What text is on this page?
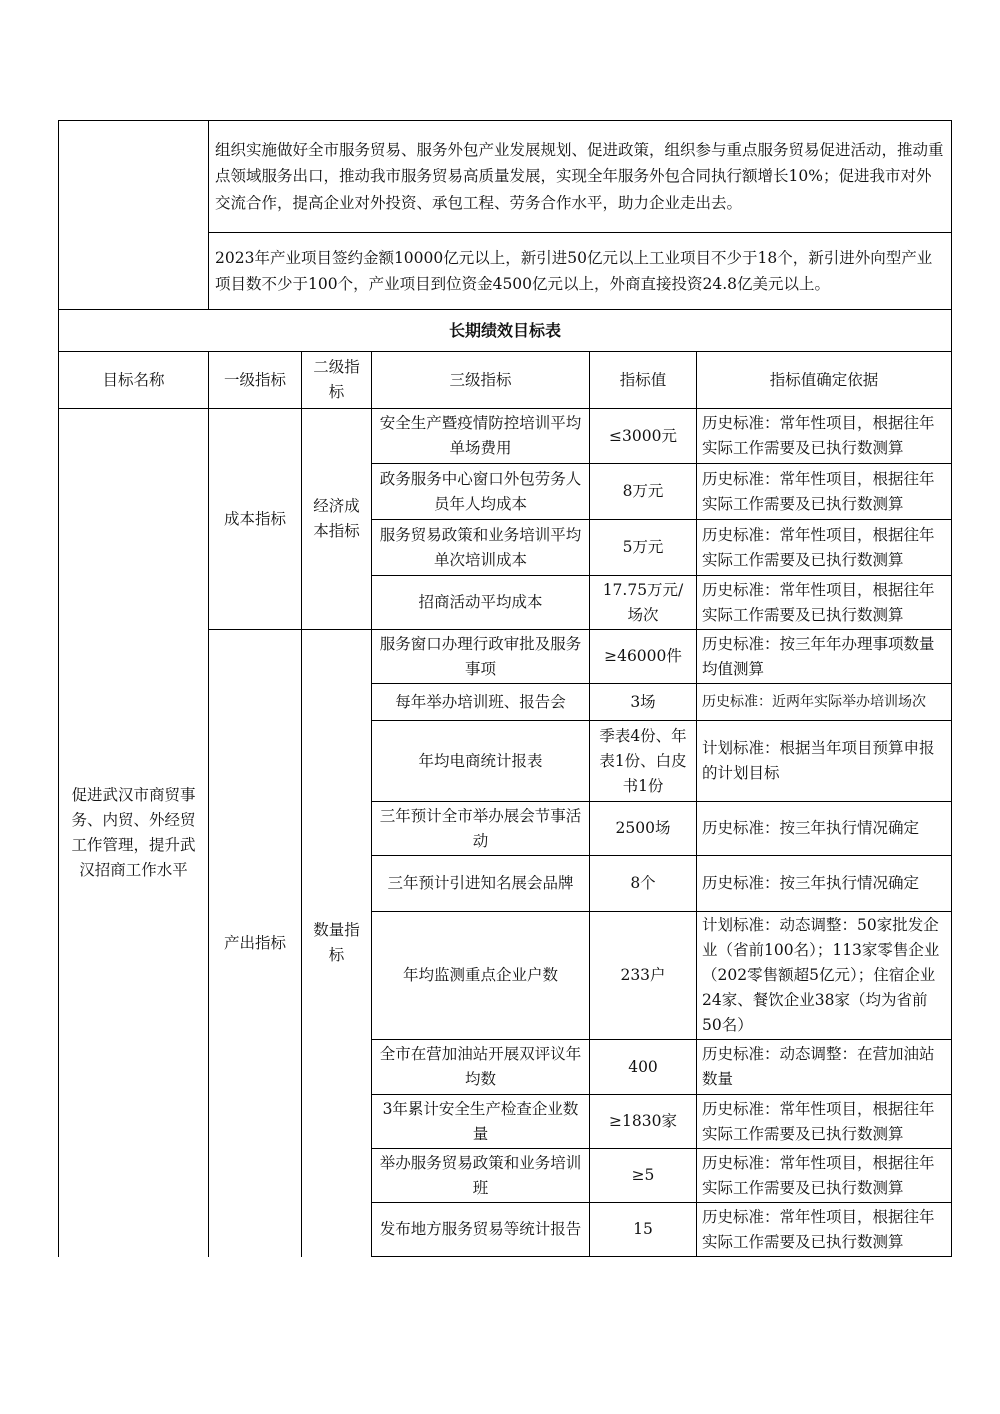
	组织实施做好全市服务贸易、服务外包产业发展规划、促进政策，组织参与重点服务贸易促进活动，推动重点领域服务出口，推动我市服务贸易高质量发展，实现全年服务外包合同执行额增长10%；促进我市对外交流合作，提高企业对外投资、承包工程、劳务合作水平，助力企业走出去。				
	2023年产业项目签约金额10000亿元以上，新引进50亿元以上工业项目不少于18个，新引进外向型产业项目数不少于100个，产业项目到位资金4500亿元以上，外商直接投资24.8亿美元以上。				
长期绩效目标表					
目标名称	一级指标	二级指标	三级指标	指标值	指标值确定依据
促进武汉市商贸事务、内贸、外经贸工作管理，提升武汉招商工作水平	成本指标	经济成本指标	安全生产暨疫情防控培训平均单场费用	≤3000元	历史标准：常年性项目，根据往年实际工作需要及已执行数测算
			政务服务中心窗口外包劳务人员年人均成本	8万元	历史标准：常年性项目，根据往年实际工作需要及已执行数测算
			服务贸易政策和业务培训平均单次培训成本	5万元	历史标准：常年性项目，根据往年实际工作需要及已执行数测算
			招商活动平均成本	17.75万元/场次	历史标准：常年性项目，根据往年实际工作需要及已执行数测算
	产出指标	数量指标	服务窗口办理行政审批及服务事项	≥46000件	历史标准：按三年年办理事项数量均值测算
			每年举办培训班、报告会	3场	历史标准：近两年实际举办培训场次
			年均电商统计报表	季表4份、年表1份、白皮书1份	计划标准：根据当年项目预算申报的计划目标
			三年预计全市举办展会节事活动	2500场	历史标准：按三年执行情况确定
			三年预计引进知名展会品牌	8个	历史标准：按三年执行情况确定
			年均监测重点企业户数	233户	计划标准：动态调整：50家批发企业（省前100名）；113家零售企业（202零售额超5亿元）；住宿企业24家、餐饮企业38家（均为省前50名）
			全市在营加油站开展双评议年均数	400	历史标准：动态调整：在营加油站数量
			3年累计安全生产检查企业数量	≥1830家	历史标准：常年性项目，根据往年实际工作需要及已执行数测算
			举办服务贸易政策和业务培训班	≥5	历史标准：常年性项目，根据往年实际工作需要及已执行数测算
			发布地方服务贸易等统计报告	15	历史标准：常年性项目，根据往年实际工作需要及已执行数测算
